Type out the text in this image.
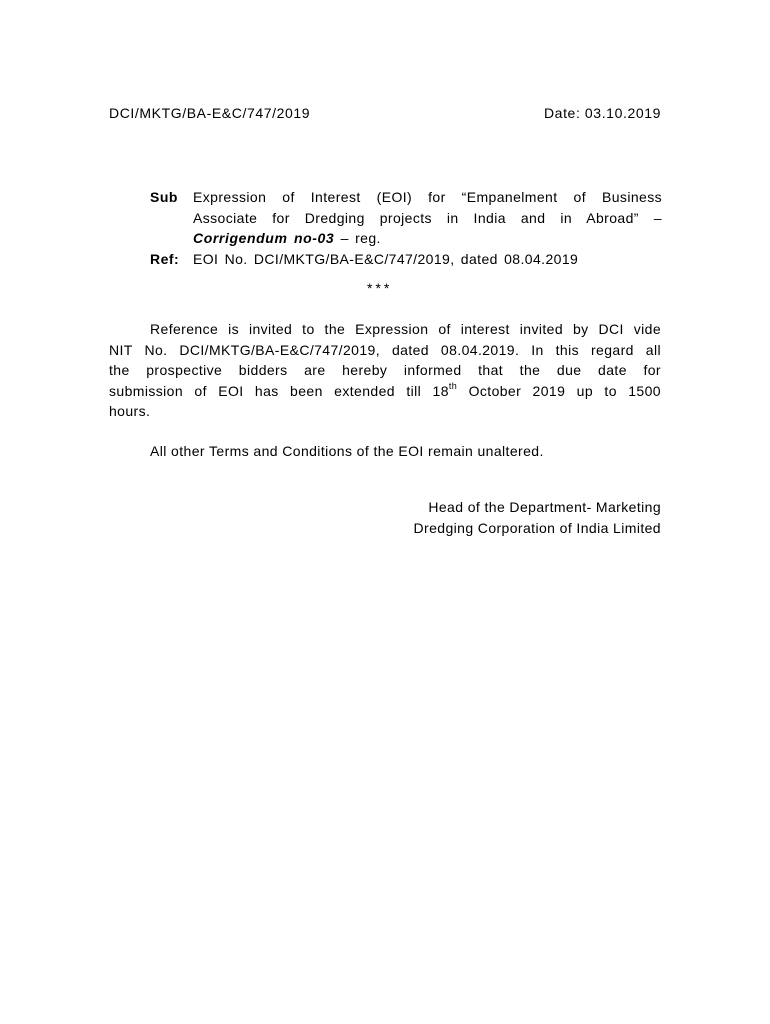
DCI/MKTG/BA-E&C/747/2019	Date: 03.10.2019
Sub	Expression of Interest (EOI) for “Empanelment of Business
Associate for Dredging projects in India and in Abroad” –
Corrigendum no-03 – reg.
Ref: EOI No. DCI/MKTG/BA-E&C/747/2019, dated 08.04.2019
***
Reference is invited to the Expression of interest invited by DCI vide
NIT No. DCI/MKTG/BA-E&C/747/2019, dated 08.04.2019. In this regard all
the prospective bidders are hereby informed that the due date for
submission of EOI has been extended till 18th October 2019 up to 1500
hours.
All other Terms and Conditions of the EOI remain unaltered.
Head of the Department- Marketing
Dredging Corporation of India Limited
